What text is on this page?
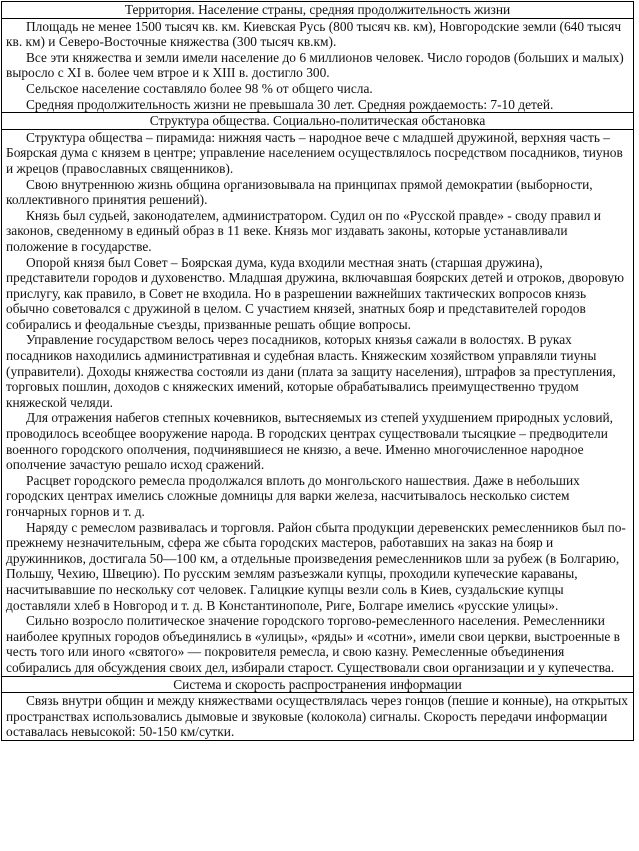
Территория. Население страны, средняя продолжительность жизни

Площадь не менее 1500 тысяч кв. км. Киевская Русь (800 тысяч кв. км), Новгородские земли (640 тысяч кв. км) и Северо-Восточные княжества (300 тысяч кв.км).

Все эти княжества и земли имели население до 6 миллионов человек. Число городов (больших и малых) выросло с XI в. более чем втрое и к XIII в. достигло 300.

Сельское население составляло более 98 % от общего числа.

Средняя продолжительность жизни не превышала 30 лет. Средняя рождаемость: 7-10 детей.

Структура общества. Социально-политическая обстановка

Структура общества – пирамида: нижняя часть – народное вече с младшей дружиной, верхняя часть – Боярская дума с князем в центре; управление населением осуществлялось посредством посадников, тиунов и жрецов (православных священников).

Свою внутреннюю жизнь община организовывала на принципах прямой демократии (выборности, коллективного принятия решений).

Князь был судьей, законодателем, администратором. Судил он по «Русской правде» - своду правил и законов, сведенному в единый образ в 11 веке. Князь мог издавать законы, которые устанавливали положение в государстве.

Опорой князя был Совет – Боярская дума, куда входили местная знать (старшая дружина), представители городов и духовенство. Младшая дружина, включавшая боярских детей и отроков, дворовую прислугу, как правило, в Совет не входила. Но в разрешении важнейших тактических вопросов князь обычно советовался с дружиной в целом. С участием князей, знатных бояр и представителей городов собирались и феодальные съезды, призванные решать общие вопросы.

Управление государством велось через посадников, которых князья сажали в волостях. В руках посадников находились административная и судебная власть. Княжеским хозяйством управляли тиуны (управители). Доходы княжества состояли из дани (плата за защиту населения), штрафов за преступления, торговых пошлин, доходов с княжеских имений, которые обрабатывались преимущественно трудом княжеской челяди.

Для отражения набегов степных кочевников, вытесняемых из степей ухудшением природных условий, проводилось всеобщее вооружение народа. В городских центрах существовали тысяцкие – предводители военного городского ополчения, подчинявшиеся не князю, а вече. Именно многочисленное народное ополчение зачастую решало исход сражений.

Расцвет городского ремесла продолжался вплоть до монгольского нашествия. Даже в небольших городских центрах имелись сложные домницы для варки железа, насчитывалось несколько систем гончарных горнов и т. д.

Наряду с ремеслом развивалась и торговля. Район сбыта продукции деревенских ремесленников был по-прежнему незначительным, сфера же сбыта городских мастеров, работавших на заказ на бояр и дружинников, достигала 50—100 км, а отдельные произведения ремесленников шли за рубеж (в Болгарию, Польшу, Чехию, Швецию). По русским землям разъезжали купцы, проходили купеческие караваны, насчитывавшие по нескольку сот человек. Галицкие купцы везли соль в Киев, суздальские купцы доставляли хлеб в Новгород и т. д. В Константинополе, Риге, Болгаре имелись «русские улицы».

Сильно возросло политическое значение городского торгово-ремесленного населения. Ремесленники наиболее крупных городов объединялись в «улицы», «ряды» и «сотни», имели свои церкви, выстроенные в честь того или иного «святого» — покровителя ремесла, и свою казну. Ремесленные объединения собирались для обсуждения своих дел, избирали старост. Существовали свои организации и у купечества.

Система и скорость распространения информации

Связь внутри общин и между княжествами осуществлялась через гонцов (пешие и конные), на открытых пространствах использовались дымовые и звуковые (колокола) сигналы. Скорость передачи информации оставалась невысокой: 50-150 км/сутки.
